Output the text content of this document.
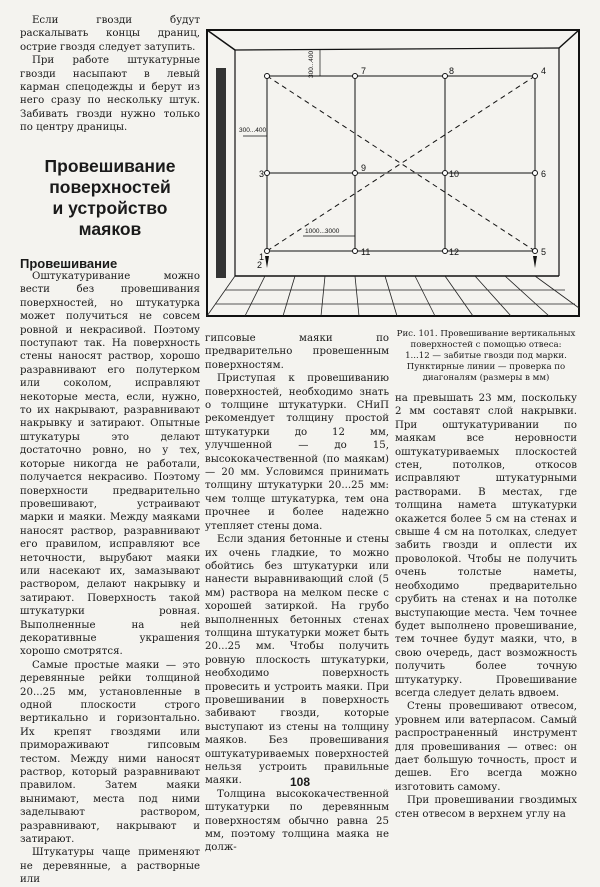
Если гвозди будут раскалывать концы драниц, острие гвоздя следует затупить.

При работе штукатурные гвозди насыпают в левый карман спецодежды и берут из него сразу по нескольку штук. Забивать гвозди нужно только по центру драницы.

Провешивание
поверхностей
и устройство
маяков
Провешивание

Оштукатуривание можно вести без провешивания поверхностей, но штукатурка может получиться не совсем ровной и некрасивой. Поэтому поступают так. На поверхность стены наносят раствор, хорошо разравнивают его полутерком или соколом, исправляют некоторые места, если, нужно, то их накрывают, разравнивают накрывку и затирают. Опытные штукатуры это делают достаточно ровно, но у тех, которые никогда не работали, получается некрасиво. Поэтому поверхности предварительно провешивают, устраивают марки и маяки. Между маяками наносят раствор, разравнивают его правилом, исправляют все неточности, вырубают маяки или насекают их, замазывают раствором, делают накрывку и затирают. Поверхность такой штукатурки ровная. Выполненные на ней декоративные украшения хорошо смотрятся.

Самые простые маяки — это деревянные рейки толщиной 20...25 мм, установленные в одной плоскости строго вертикально и горизонтально. Их крепят гвоздями или примораживают гипсовым тестом. Между ними наносят раствор, который разравнивают правилом. Затем маяки вынимают, места под ними заделывают раствором, разравнивают, накрывают и затирают.

Штукатуры чаще применяют не деревянные, а растворные или

4
7	8
3
9
10	6
1	11	12	5
2
300...400
300...400
1000...3000
Рис. 101. Провешивание вертикальных поверхностей с помощью отвеса:
1...12 — забитые гвозди под марки. Пунктирные линии — проверка по диагоналям (размеры в мм)

гипсовые маяки по предварительно провешенным поверхностям.

Приступая к провешиванию поверхностей, необходимо знать о толщине штукатурки. СНиП рекомендует толщину простой штукатурки до 12 мм, улучшенной — до 15, высококачественной (по маякам) — 20 мм. Условимся принимать толщину штукатурки 20...25 мм: чем толще штукатурка, тем она прочнее и более надежно утепляет стены дома.

Если здания бетонные и стены их очень гладкие, то можно обойтись без штукатурки или нанести выравнивающий слой (5 мм) раствора на мелком песке с хорошей затиркой. На грубо выполненных бетонных стенах толщина штукатурки может быть 20...25 мм. Чтобы получить ровную плоскость штукатурки, необходимо поверхность провесить и устроить маяки. При провешивании в поверхность забивают гвозди, которые выступают из стены на толщину маяков. Без провешивания оштукатуриваемых поверхностей нельзя устроить правильные маяки.

Толщина высококачественной штукатурки по деревянным поверхностям обычно равна 25 мм, поэтому толщина маяка не долж-

на превышать 23 мм, поскольку 2 мм составят слой накрывки. При оштукатуривании по маякам все неровности оштукатуриваемых плоскостей стен, потолков, откосов исправляют штукатурными растворами. В местах, где толщина намета штукатурки окажется более 5 см на стенах и свыше 4 см на потолках, следует забить гвозди и оплести их проволокой. Чтобы не получить очень толстые наметы, необходимо предварительно срубить на стенах и на потолке выступающие места. Чем точнее будет выполнено провешивание, тем точнее будут маяки, что, в свою очередь, даст возможность получить более точную штукатурку. Провешивание всегда следует делать вдвоем.

Стены провешивают отвесом, уровнем или ватерпасом. Самый распространенный инструмент для провешивания — отвес: он дает большую точность, прост и дешев. Его всегда можно изготовить самому.

При провешивании гвоздимых стен отвесом в верхнем углу на

108
